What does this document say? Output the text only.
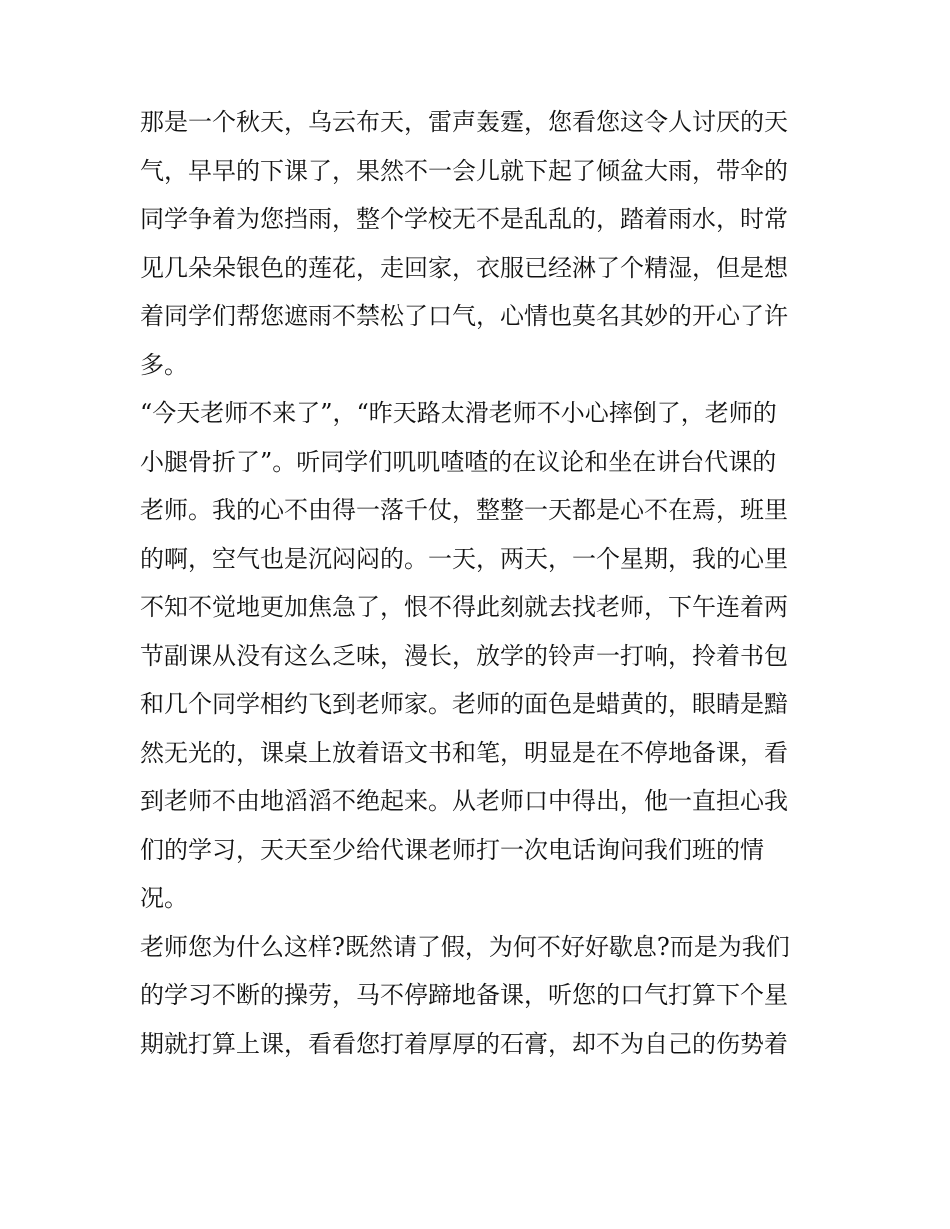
那是一个秋天，乌云布天，雷声轰霆，您看您这令人讨厌的天
气，早早的下课了，果然不一会儿就下起了倾盆大雨，带伞的
同学争着为您挡雨，整个学校无不是乱乱的，踏着雨水，时常
见几朵朵银色的莲花，走回家，衣服已经淋了个精湿，但是想
着同学们帮您遮雨不禁松了口气，心情也莫名其妙的开心了许
多。
“今天老师不来了”，“昨天路太滑老师不小心摔倒了，老师的
小腿骨折了”。听同学们叽叽喳喳的在议论和坐在讲台代课的
老师。我的心不由得一落千仗，整整一天都是心不在焉，班里
的啊，空气也是沉闷闷的。一天，两天，一个星期，我的心里
不知不觉地更加焦急了，恨不得此刻就去找老师，下午连着两
节副课从没有这么乏味，漫长，放学的铃声一打响，拎着书包
和几个同学相约飞到老师家。老师的面色是蜡黄的，眼睛是黯
然无光的，课桌上放着语文书和笔，明显是在不停地备课，看
到老师不由地滔滔不绝起来。从老师口中得出，他一直担心我
们的学习，天天至少给代课老师打一次电话询问我们班的情
况。
老师您为什么这样?既然请了假，为何不好好歇息?而是为我们
的学习不断的操劳，马不停蹄地备课，听您的口气打算下个星
期就打算上课，看看您打着厚厚的石膏，却不为自己的伤势着
